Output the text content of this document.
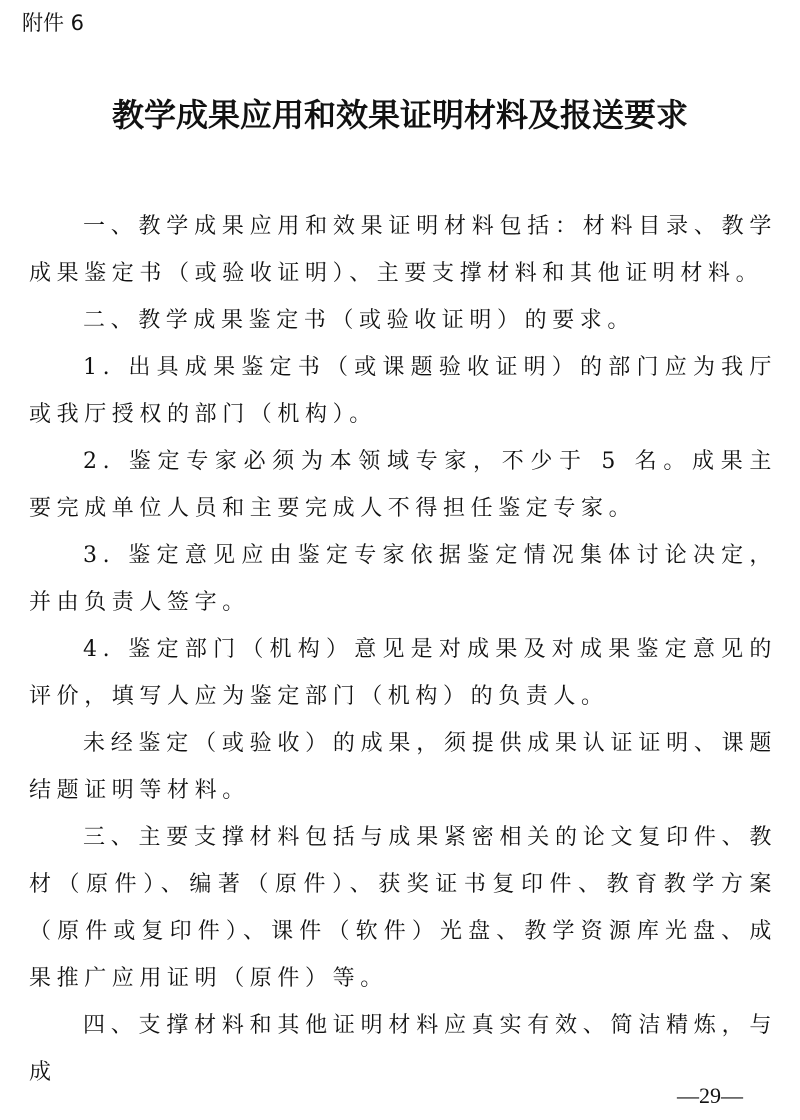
附件 6
教学成果应用和效果证明材料及报送要求

一、教学成果应用和效果证明材料包括：材料目录、教学成果鉴定书（或验收证明）、主要支撑材料和其他证明材料。

二、教学成果鉴定书（或验收证明）的要求。

1. 出具成果鉴定书（或课题验收证明）的部门应为我厅或我厅授权的部门（机构）。

2. 鉴定专家必须为本领域专家，不少于 5 名。成果主要完成单位人员和主要完成人不得担任鉴定专家。

3. 鉴定意见应由鉴定专家依据鉴定情况集体讨论决定，并由负责人签字。

4. 鉴定部门（机构）意见是对成果及对成果鉴定意见的评价，填写人应为鉴定部门（机构）的负责人。

未经鉴定（或验收）的成果，须提供成果认证证明、课题结题证明等材料。

三、主要支撑材料包括与成果紧密相关的论文复印件、教材（原件）、编著（原件）、获奖证书复印件、教育教学方案（原件或复印件）、课件（软件）光盘、教学资源库光盘、成果推广应用证明（原件）等。

四、支撑材料和其他证明材料应真实有效、简洁精炼，与成

—29—
